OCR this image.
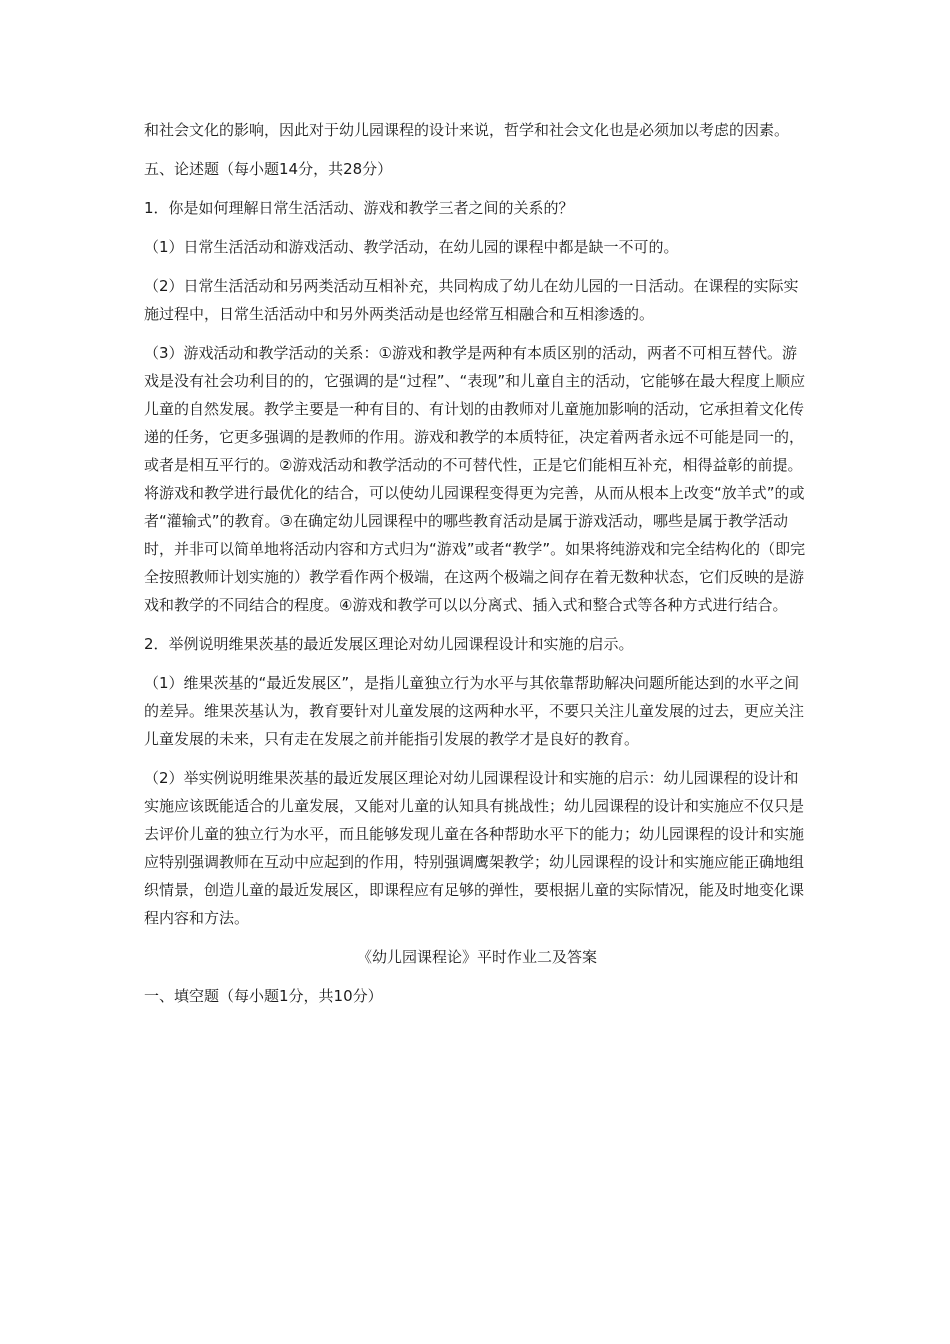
和社会文化的影响，因此对于幼儿园课程的设计来说，哲学和社会文化也是必须加以考虑的因素。

五、论述题（每小题14分，共28分）

1．你是如何理解日常生活活动、游戏和教学三者之间的关系的？

（1）日常生活活动和游戏活动、教学活动，在幼儿园的课程中都是缺一不可的。

（2）日常生活活动和另两类活动互相补充，共同构成了幼儿在幼儿园的一日活动。在课程的实际实施过程中，日常生活活动中和另外两类活动是也经常互相融合和互相渗透的。

（3）游戏活动和教学活动的关系：①游戏和教学是两种有本质区别的活动，两者不可相互替代。游戏是没有社会功利目的的，它强调的是“过程”、“表现”和儿童自主的活动，它能够在最大程度上顺应儿童的自然发展。教学主要是一种有目的、有计划的由教师对儿童施加影响的活动，它承担着文化传递的任务，它更多强调的是教师的作用。游戏和教学的本质特征，决定着两者永远不可能是同一的，或者是相互平行的。②游戏活动和教学活动的不可替代性，正是它们能相互补充，相得益彰的前提。将游戏和教学进行最优化的结合，可以使幼儿园课程变得更为完善，从而从根本上改变“放羊式”的或者“灌输式”的教育。③在确定幼儿园课程中的哪些教育活动是属于游戏活动，哪些是属于教学活动时，并非可以简单地将活动内容和方式归为“游戏”或者“教学”。如果将纯游戏和完全结构化的（即完全按照教师计划实施的）教学看作两个极端，在这两个极端之间存在着无数种状态，它们反映的是游戏和教学的不同结合的程度。④游戏和教学可以以分离式、插入式和整合式等各种方式进行结合。

2．举例说明维果茨基的最近发展区理论对幼儿园课程设计和实施的启示。

（1）维果茨基的“最近发展区”，是指儿童独立行为水平与其依靠帮助解决问题所能达到的水平之间的差异。维果茨基认为，教育要针对儿童发展的这两种水平，不要只关注儿童发展的过去，更应关注儿童发展的未来，只有走在发展之前并能指引发展的教学才是良好的教育。

（2）举实例说明维果茨基的最近发展区理论对幼儿园课程设计和实施的启示：幼儿园课程的设计和实施应该既能适合的儿童发展，又能对儿童的认知具有挑战性；幼儿园课程的设计和实施应不仅只是去评价儿童的独立行为水平，而且能够发现儿童在各种帮助水平下的能力；幼儿园课程的设计和实施应特别强调教师在互动中应起到的作用，特别强调鹰架教学；幼儿园课程的设计和实施应能正确地组织情景，创造儿童的最近发展区，即课程应有足够的弹性，要根据儿童的实际情况，能及时地变化课程内容和方法。

《幼儿园课程论》平时作业二及答案

一、填空题（每小题1分，共10分）
